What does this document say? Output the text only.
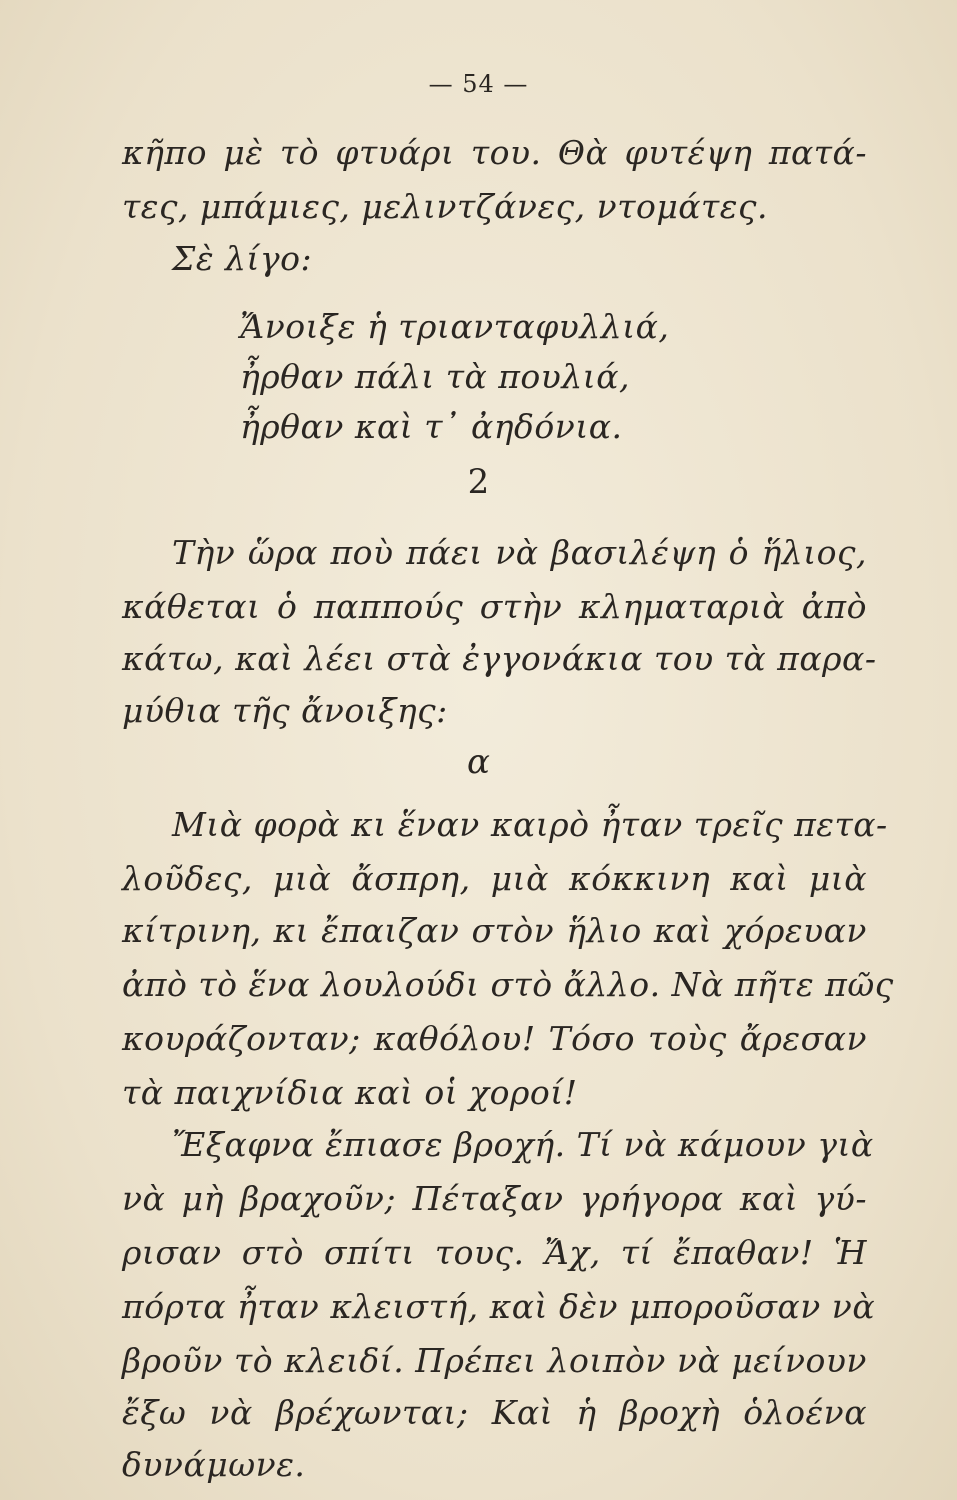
— 54 —
κῆπο μὲ τὸ φτυάρι του. Θὰ φυτέψη πατά-
τες, μπάμιες, μελιντζάνες, ντομάτες.
Σὲ λίγο:
Ἄνοιξε ἡ τριανταφυλλιά,
ἦρθαν πάλι τὰ πουλιά,
ἦρθαν καὶ τ᾽ ἀηδόνια.
2
Τὴν ὥρα ποὺ πάει νὰ βασιλέψη ὁ ἥλιος,
κάθεται ὁ παππούς στὴν κληματαριὰ ἀπὸ
κάτω, καὶ λέει στὰ ἐγγονάκια του τὰ παρα-
μύθια τῆς ἄνοιξης:
α
Μιὰ φορὰ κι ἕναν καιρὸ ἦταν τρεῖς πετα-
λοῦδες, μιὰ ἄσπρη, μιὰ κόκκινη καὶ μιὰ
κίτρινη, κι ἔπαιζαν στὸν ἥλιο καὶ χόρευαν
ἀπὸ τὸ ἕνα λουλούδι στὸ ἄλλο. Νὰ πῆτε πῶς
κουράζονταν; καθόλου! Τόσο τοὺς ἄρεσαν
τὰ παιχνίδια καὶ οἱ χοροί!
Ἔξαφνα ἔπιασε βροχή. Τί νὰ κάμουν γιὰ
νὰ μὴ βραχοῦν; Πέταξαν γρήγορα καὶ γύ-
ρισαν στὸ σπίτι τους. Ἄχ, τί ἔπαθαν! Ἡ
πόρτα ἦταν κλειστή, καὶ δὲν μποροῦσαν νὰ
βροῦν τὸ κλειδί. Πρέπει λοιπὸν νὰ μείνουν
ἔξω νὰ βρέχωνται; Καὶ ἡ βροχὴ ὁλοένα
δυνάμωνε.
